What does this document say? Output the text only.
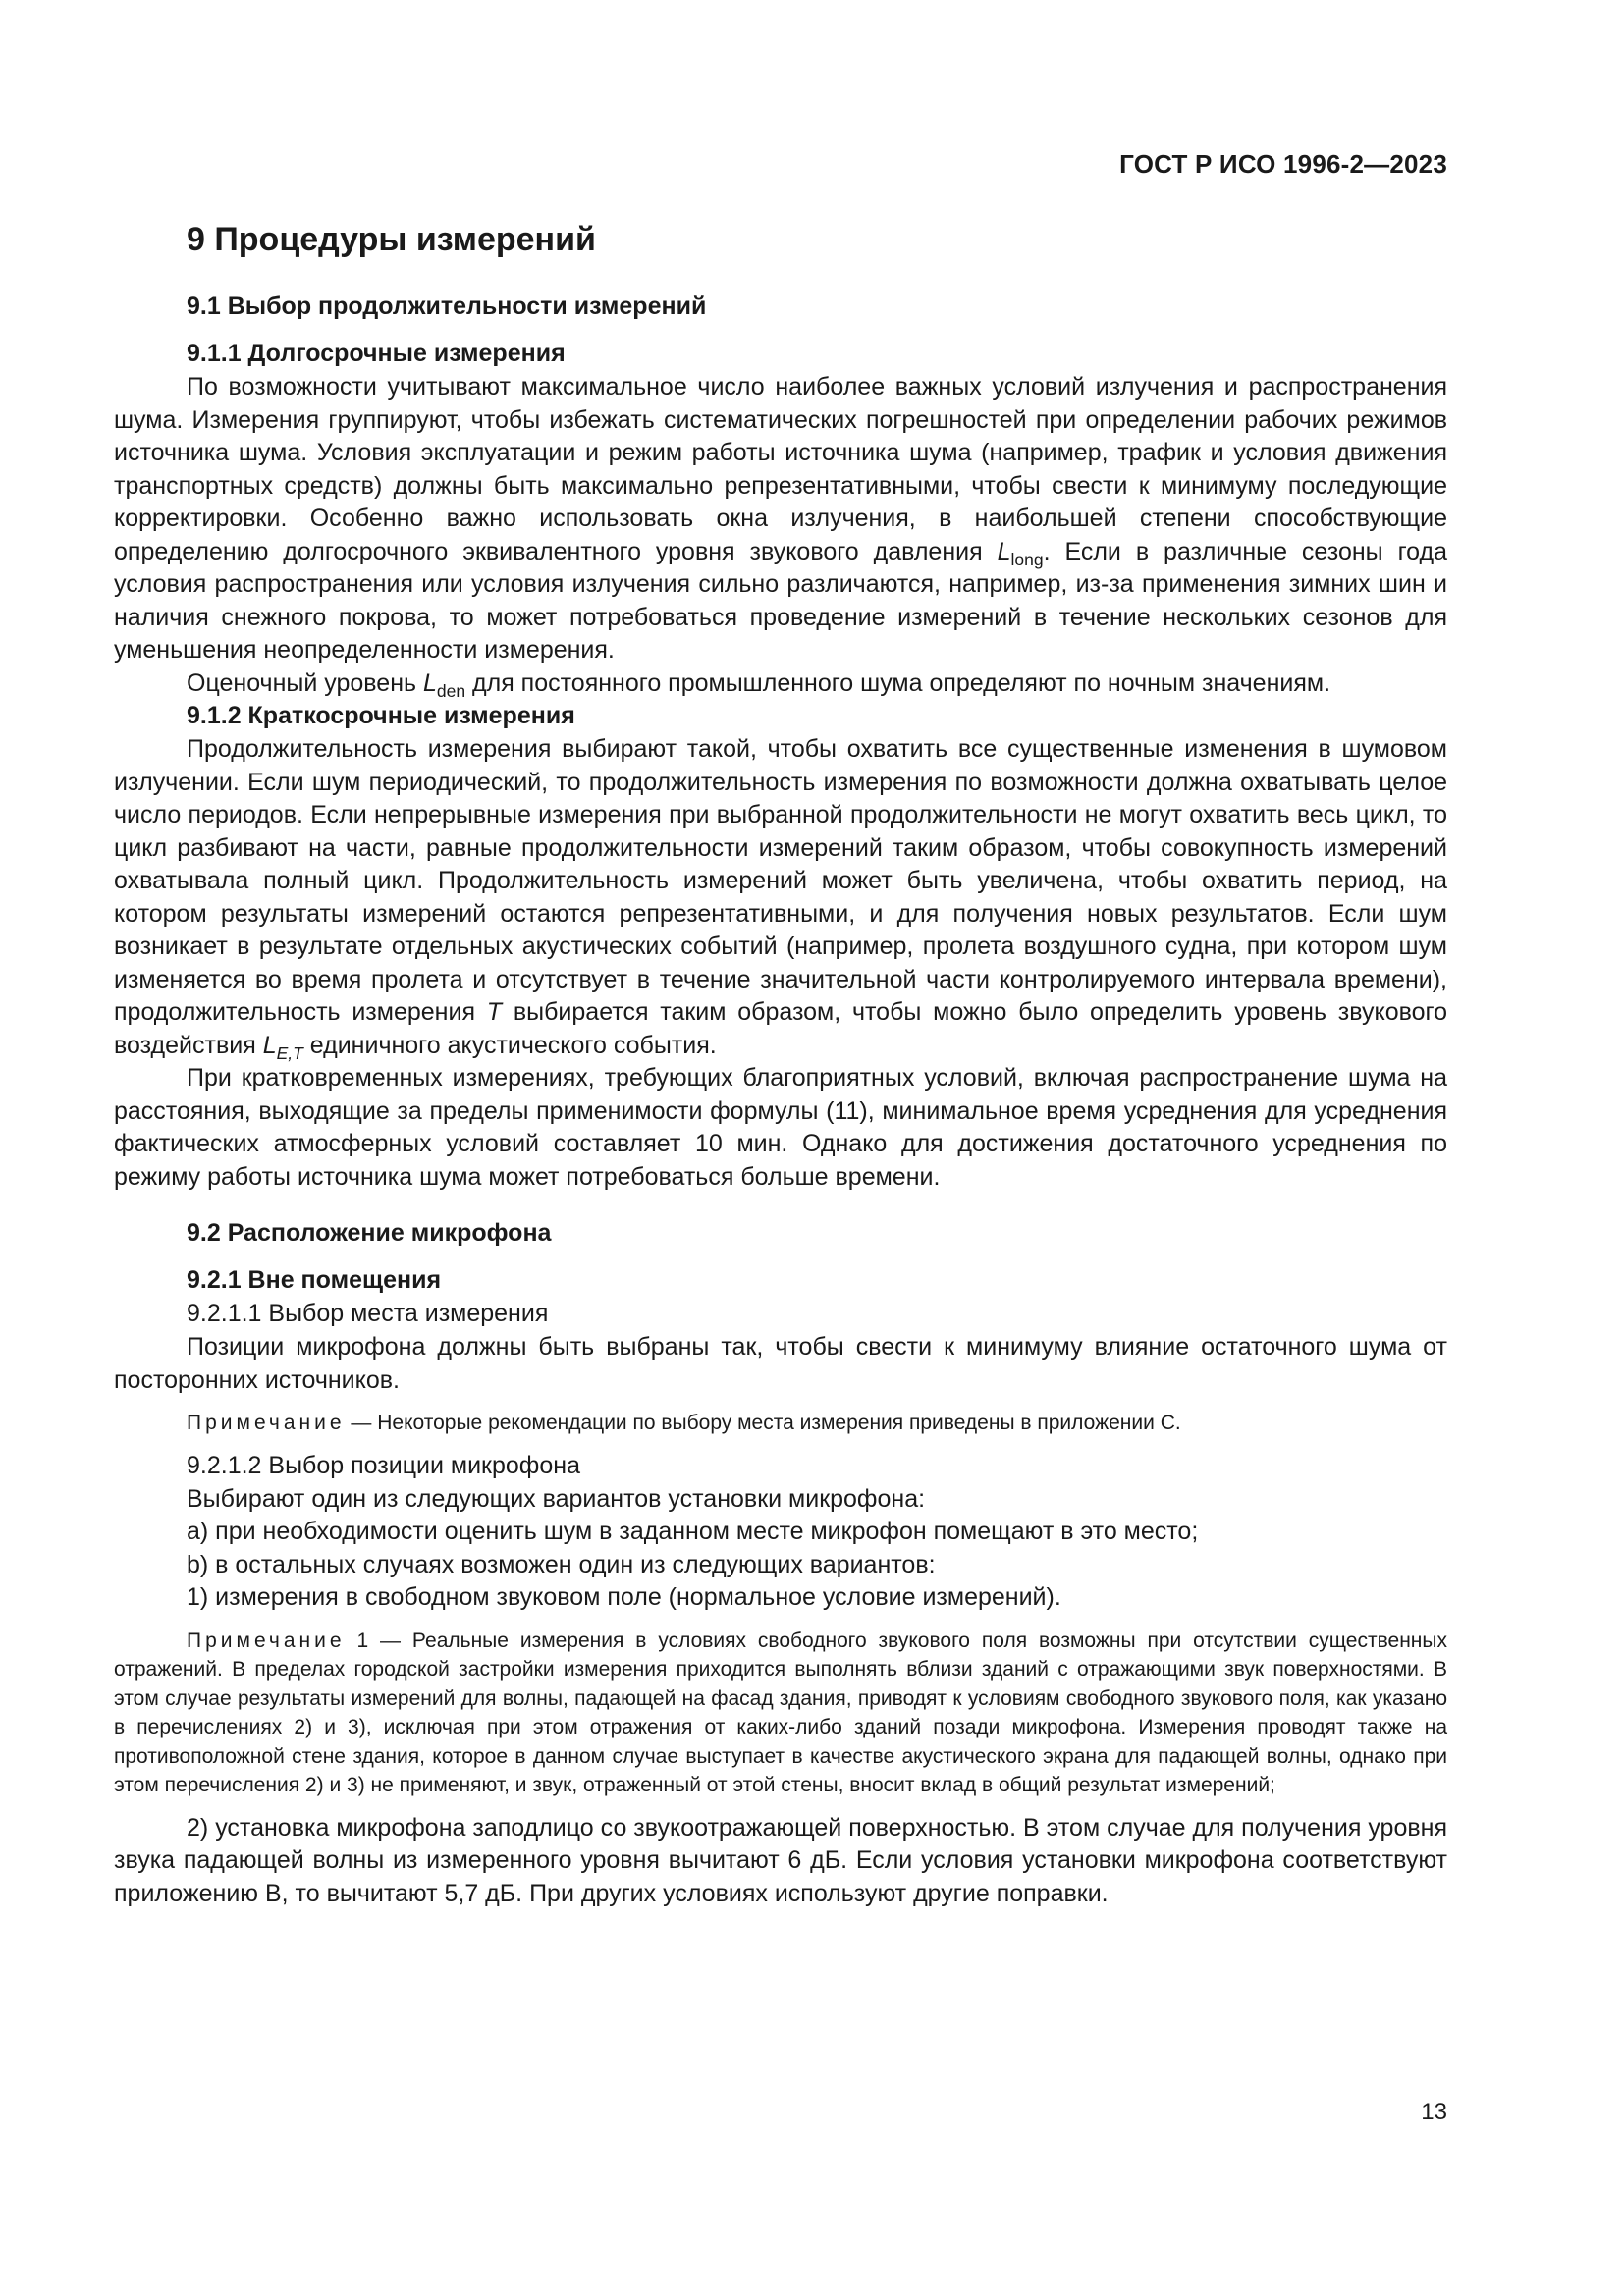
ГОСТ Р ИСО 1996-2—2023
9 Процедуры измерений
9.1 Выбор продолжительности измерений
9.1.1 Долгосрочные измерения

По возможности учитывают максимальное число наиболее важных условий излучения и распространения шума. Измерения группируют, чтобы избежать систематических погрешностей при определении рабочих режимов источника шума. Условия эксплуатации и режим работы источника шума (например, трафик и условия движения транспортных средств) должны быть максимально репрезентативными, чтобы свести к минимуму последующие корректировки. Особенно важно использовать окна излучения, в наибольшей степени способствующие определению долгосрочного эквивалентного уровня звукового давления $L_{long}$. Если в различные сезоны года условия распространения или условия излучения сильно различаются, например, из-за применения зимних шин и наличия снежного покрова, то может потребоваться проведение измерений в течение нескольких сезонов для уменьшения неопределенности измерения.

Оценочный уровень $L_{den}$ для постоянного промышленного шума определяют по ночным значениям.

9.1.2 Краткосрочные измерения

Продолжительность измерения выбирают такой, чтобы охватить все существенные изменения в шумовом излучении. Если шум периодический, то продолжительность измерения по возможности должна охватывать целое число периодов. Если непрерывные измерения при выбранной продолжительности не могут охватить весь цикл, то цикл разбивают на части, равные продолжительности измерений таким образом, чтобы совокупность измерений охватывала полный цикл. Продолжительность измерений может быть увеличена, чтобы охватить период, на котором результаты измерений остаются репрезентативными, и для получения новых результатов. Если шум возникает в результате отдельных акустических событий (например, пролета воздушного судна, при котором шум изменяется во время пролета и отсутствует в течение значительной части контролируемого интервала времени), продолжительность измерения T выбирается таким образом, чтобы можно было определить уровень звукового воздействия $L_{E,T}$ единичного акустического события.

При кратковременных измерениях, требующих благоприятных условий, включая распространение шума на расстояния, выходящие за пределы применимости формулы (11), минимальное время усреднения для усреднения фактических атмосферных условий составляет 10 мин. Однако для достижения достаточного усреднения по режиму работы источника шума может потребоваться больше времени.

9.2 Расположение микрофона
9.2.1 Вне помещения
9.2.1.1 Выбор места измерения

Позиции микрофона должны быть выбраны так, чтобы свести к минимуму влияние остаточного шума от посторонних источников.

Примечание — Некоторые рекомендации по выбору места измерения приведены в приложении С.
9.2.1.2 Выбор позиции микрофона

Выбирают один из следующих вариантов установки микрофона:

а) при необходимости оценить шум в заданном месте микрофон помещают в это место;
b) в остальных случаях возможен один из следующих вариантов:
1) измерения в свободном звуковом поле (нормальное условие измерений).
Примечание 1 — Реальные измерения в условиях свободного звукового поля возможны при отсутствии существенных отражений. В пределах городской застройки измерения приходится выполнять вблизи зданий с отражающими звук поверхностями. В этом случае результаты измерений для волны, падающей на фасад здания, приводят к условиям свободного звукового поля, как указано в перечислениях 2) и 3), исключая при этом отражения от каких-либо зданий позади микрофона. Измерения проводят также на противоположной стене здания, которое в данном случае выступает в качестве акустического экрана для падающей волны, однако при этом перечисления 2) и 3) не применяют, и звук, отраженный от этой стены, вносит вклад в общий результат измерений;

2) установка микрофона заподлицо со звукоотражающей поверхностью. В этом случае для получения уровня звука падающей волны из измеренного уровня вычитают 6 дБ. Если условия установки микрофона соответствуют приложению В, то вычитают 5,7 дБ. При других условиях используют другие поправки.

13
